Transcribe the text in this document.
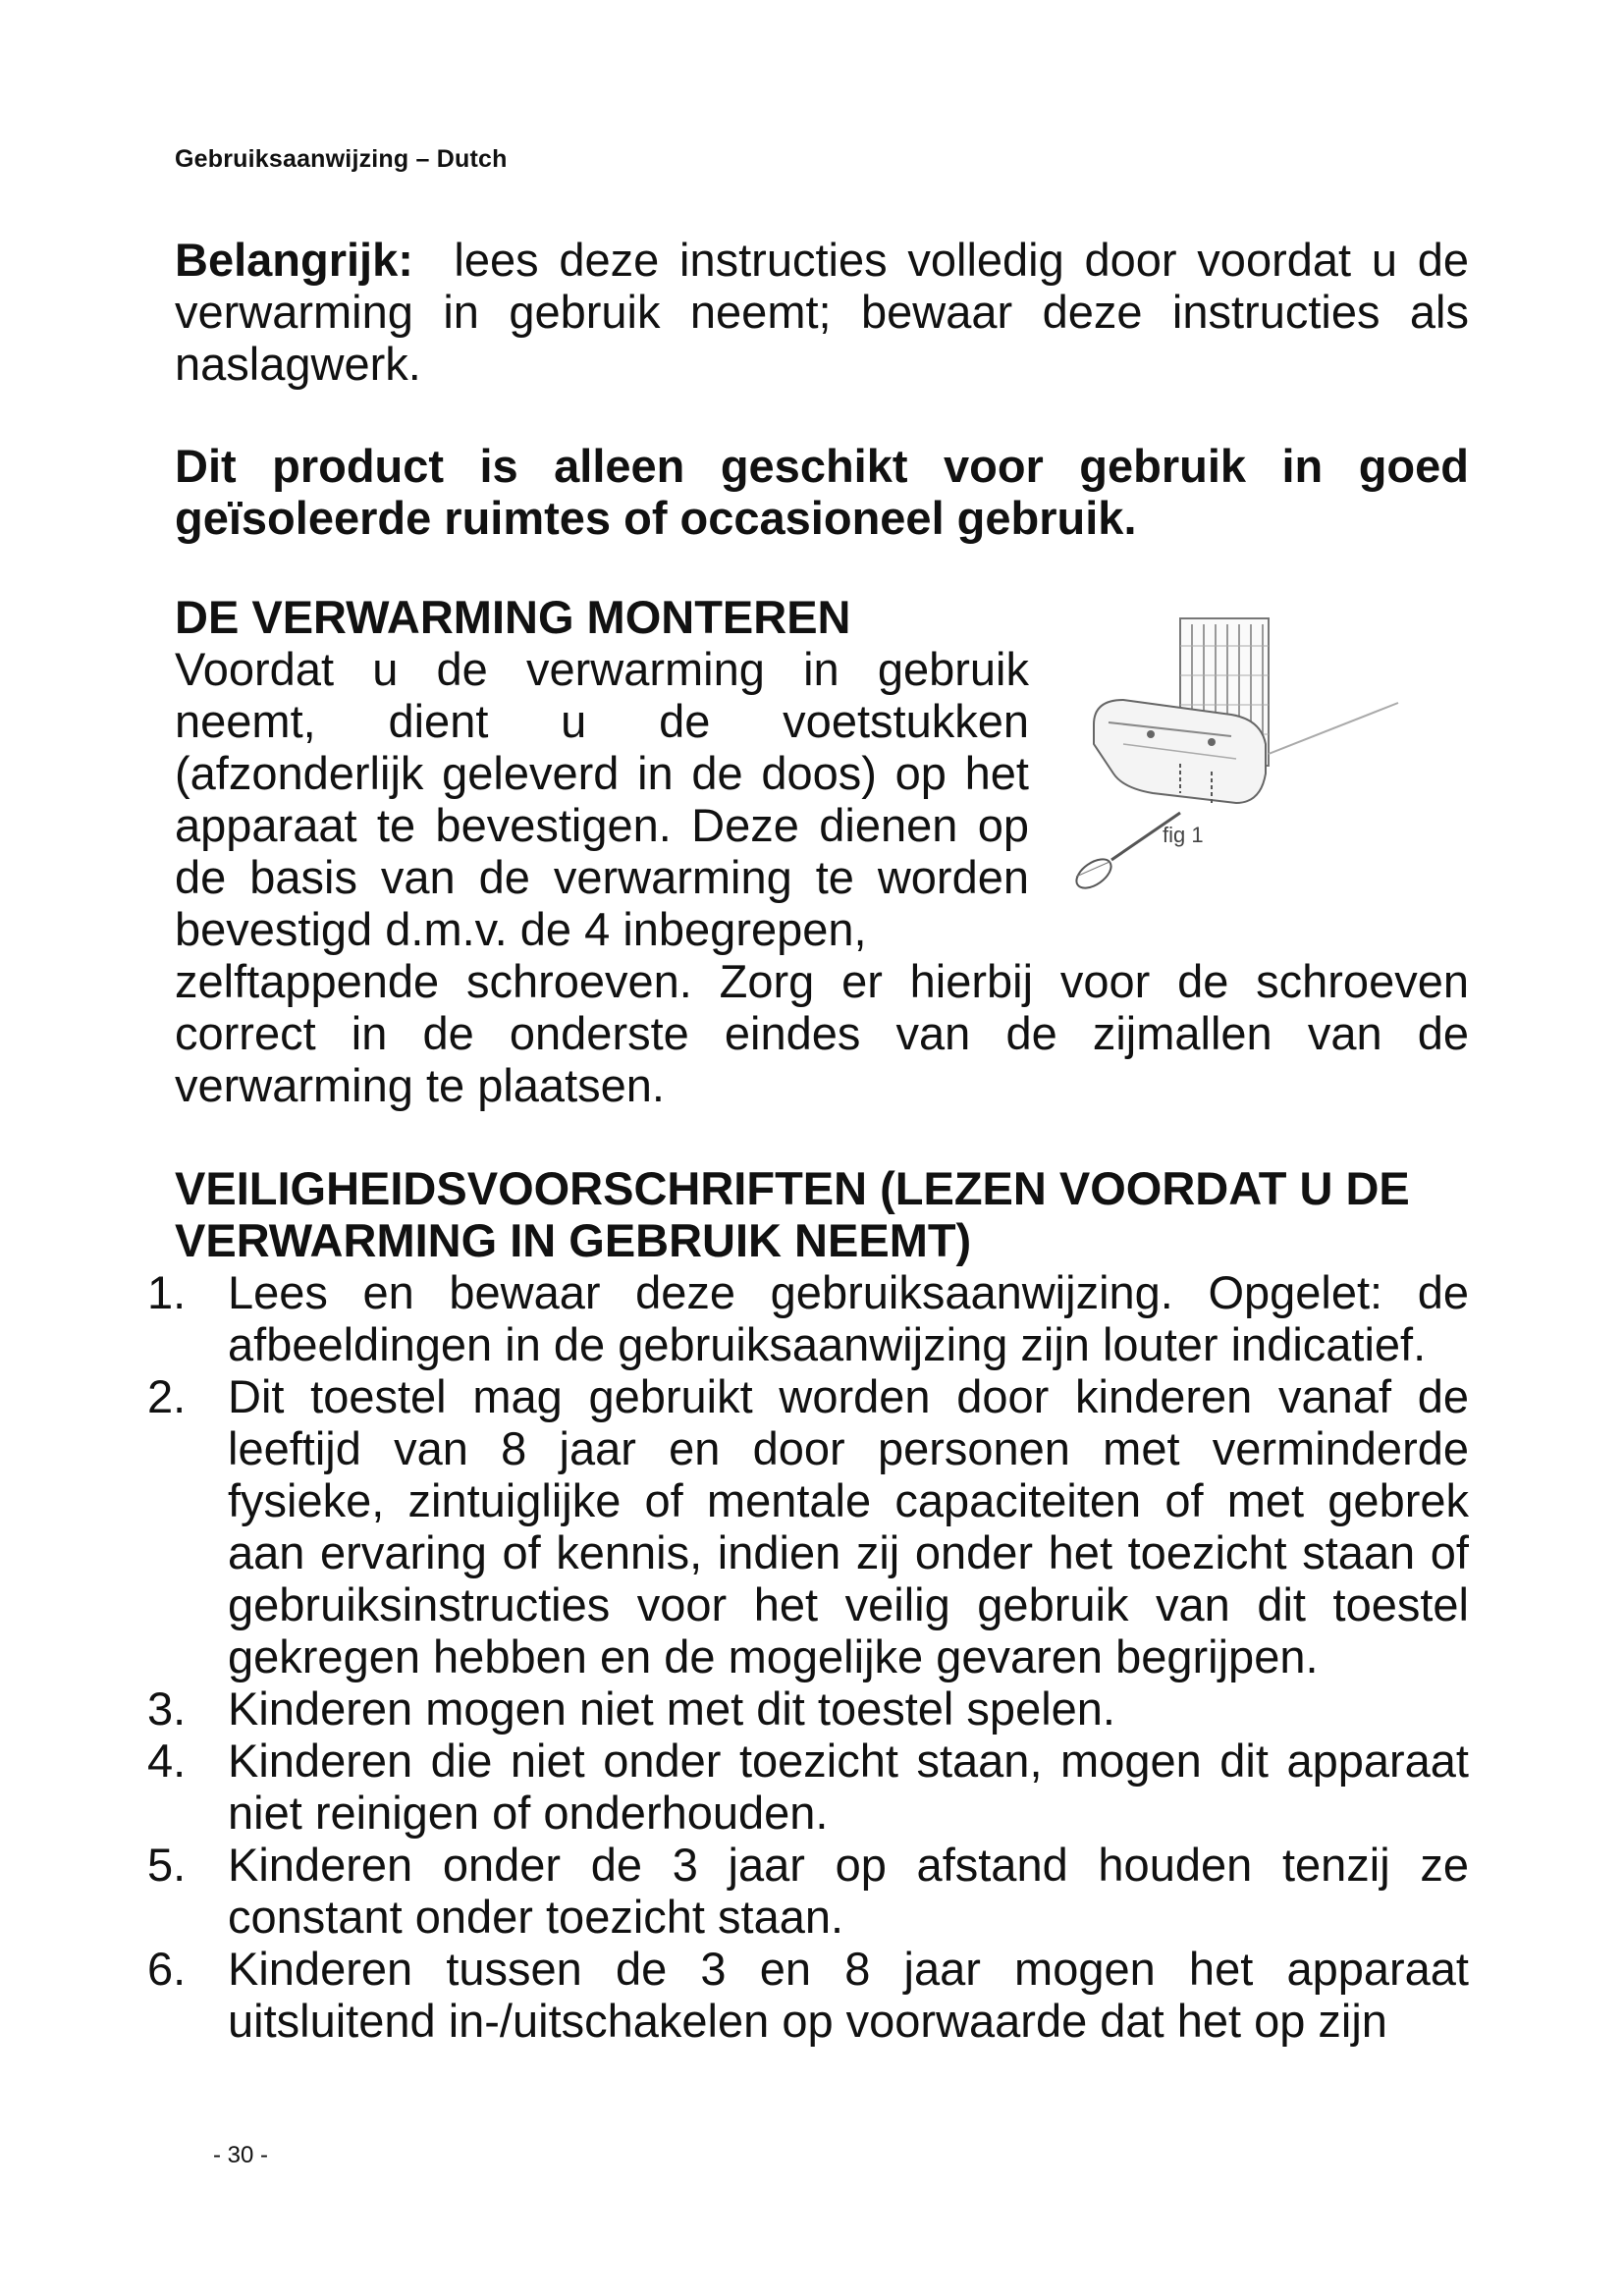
Gebruiksaanwijzing – Dutch
Belangrijk: lees deze instructies volledig door voordat u de verwarming in gebruik neemt; bewaar deze instructies als naslagwerk.
Dit product is alleen geschikt voor gebruik in goed geïsoleerde ruimtes of occasioneel gebruik.
DE VERWARMING MONTEREN
Voordat u de verwarming in gebruik neemt, dient u de voetstukken (afzonderlijk geleverd in de doos) op het apparaat te bevestigen. Deze dienen op de basis van de verwarming te worden bevestigd d.m.v. de 4 inbegrepen,
fig 1
zelftappende schroeven. Zorg er hierbij voor de schroeven correct in de onderste eindes van de zijmallen van de verwarming te plaatsen.
VEILIGHEIDSVOORSCHRIFTEN (LEZEN VOORDAT U DE VERWARMING IN GEBRUIK NEEMT)
1. Lees en bewaar deze gebruiksaanwijzing. Opgelet: de afbeeldingen in de gebruiksaanwijzing zijn louter indicatief.
2. Dit toestel mag gebruikt worden door kinderen vanaf de leeftijd van 8 jaar en door personen met verminderde fysieke, zintuiglijke of mentale capaciteiten of met gebrek aan ervaring of kennis, indien zij onder het toezicht staan of gebruiksinstructies voor het veilig gebruik van dit toestel gekregen hebben en de mogelijke gevaren begrijpen.
3. Kinderen mogen niet met dit toestel spelen.
4. Kinderen die niet onder toezicht staan, mogen dit apparaat niet reinigen of onderhouden.
5. Kinderen onder de 3 jaar op afstand houden tenzij ze constant onder toezicht staan.
6. Kinderen tussen de 3 en 8 jaar mogen het apparaat uitsluitend in-/uitschakelen op voorwaarde dat het op zijn
- 30 -
